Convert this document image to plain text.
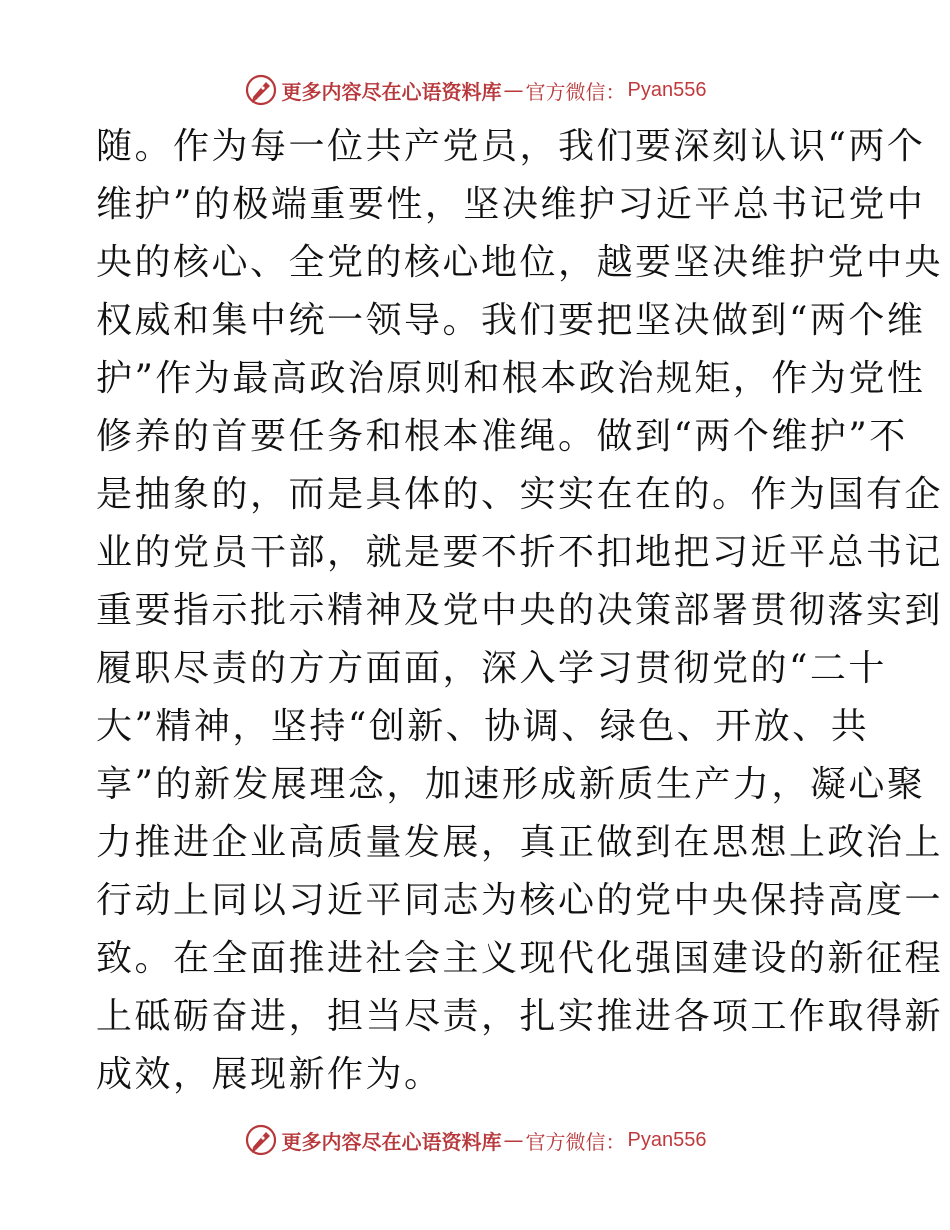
更多内容尽在心语资料库 — 官方微信： Pyan556
随。作为每一位共产党员，我们要深刻认识“两个
维护”的极端重要性，坚决维护习近平总书记党中
央的核心、全党的核心地位，越要坚决维护党中央
权威和集中统一领导。我们要把坚决做到“两个维
护”作为最高政治原则和根本政治规矩，作为党性
修养的首要任务和根本准绳。做到“两个维护”不
是抽象的，而是具体的、实实在在的。作为国有企
业的党员干部，就是要不折不扣地把习近平总书记
重要指示批示精神及党中央的决策部署贯彻落实到
履职尽责的方方面面，深入学习贯彻党的“二十
大”精神，坚持“创新、协调、绿色、开放、共
享”的新发展理念，加速形成新质生产力，凝心聚
力推进企业高质量发展，真正做到在思想上政治上
行动上同以习近平同志为核心的党中央保持高度一
致。在全面推进社会主义现代化强国建设的新征程
上砥砺奋进，担当尽责，扎实推进各项工作取得新
成效，展现新作为。
更多内容尽在心语资料库 — 官方微信： Pyan556
